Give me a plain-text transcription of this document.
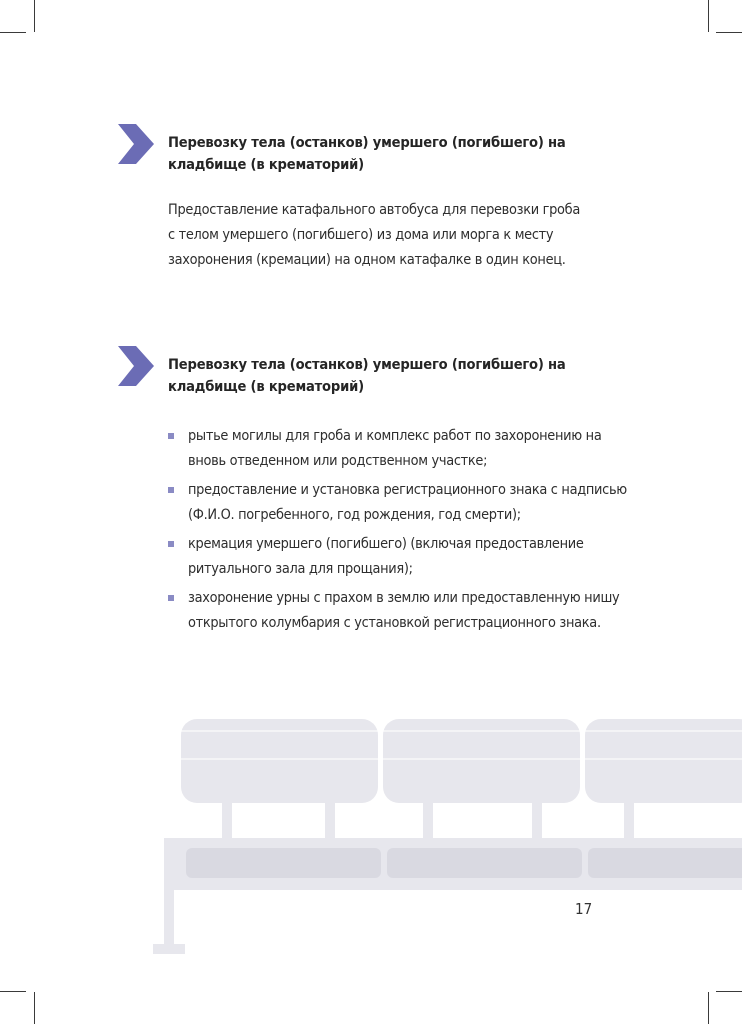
Перевозку тела (останков) умершего (погибшего) на кладбище (в крематорий)
Предоставление катафального автобуса для перевозки гроба с телом умершего (погибшего) из дома или морга к месту захоронения (кремации) на одном катафалке в один конец.
Перевозку тела (останков) умершего (погибшего) на кладбище (в крематорий)
рытье могилы для гроба и комплекс работ по захоронению на вновь отведенном или родственном участке;
предоставление и установка регистрационного знака с надписью (Ф.И.О. погребенного, год рождения, год смерти);
кремация умершего (погибшего) (включая предоставление ритуального зала для прощания);
захоронение урны с прахом в землю или предоставленную нишу открытого колумбария с установкой регистрационного знака.
17
